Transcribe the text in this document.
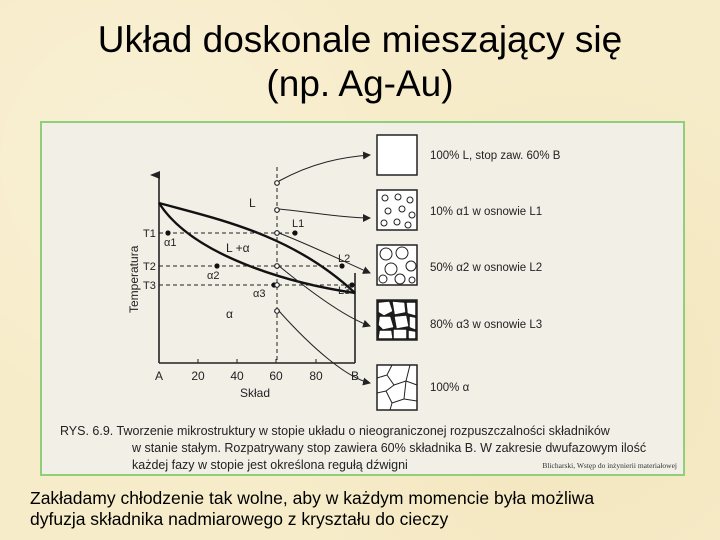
Układ doskonale mieszający się
(np. Ag-Au)
Temperatura
Skład
A 20 40 60 80 B
T1
T2
T3
L
L +α
α
L1
L2
L3
α1
α2
α3
100% L, stop zaw. 60% B
10% α1 w osnowie L1
50% α2 w osnowie L2
80% α3 w osnowie L3
100% α
RYS. 6.9. Tworzenie mikrostruktury w stopie układu o nieograniczonej rozpuszczalności składników
w stanie stałym. Rozpatrywany stop zawiera 60% składnika B. W zakresie dwufazowym ilość
każdej fazy w stopie jest określona regułą dźwigni	Blicharski, Wstęp do inżynierii materiałowej
Zakładamy chłodzenie tak wolne, aby w każdym momencie była możliwa
dyfuzja składnika nadmiarowego z kryształu do cieczy
